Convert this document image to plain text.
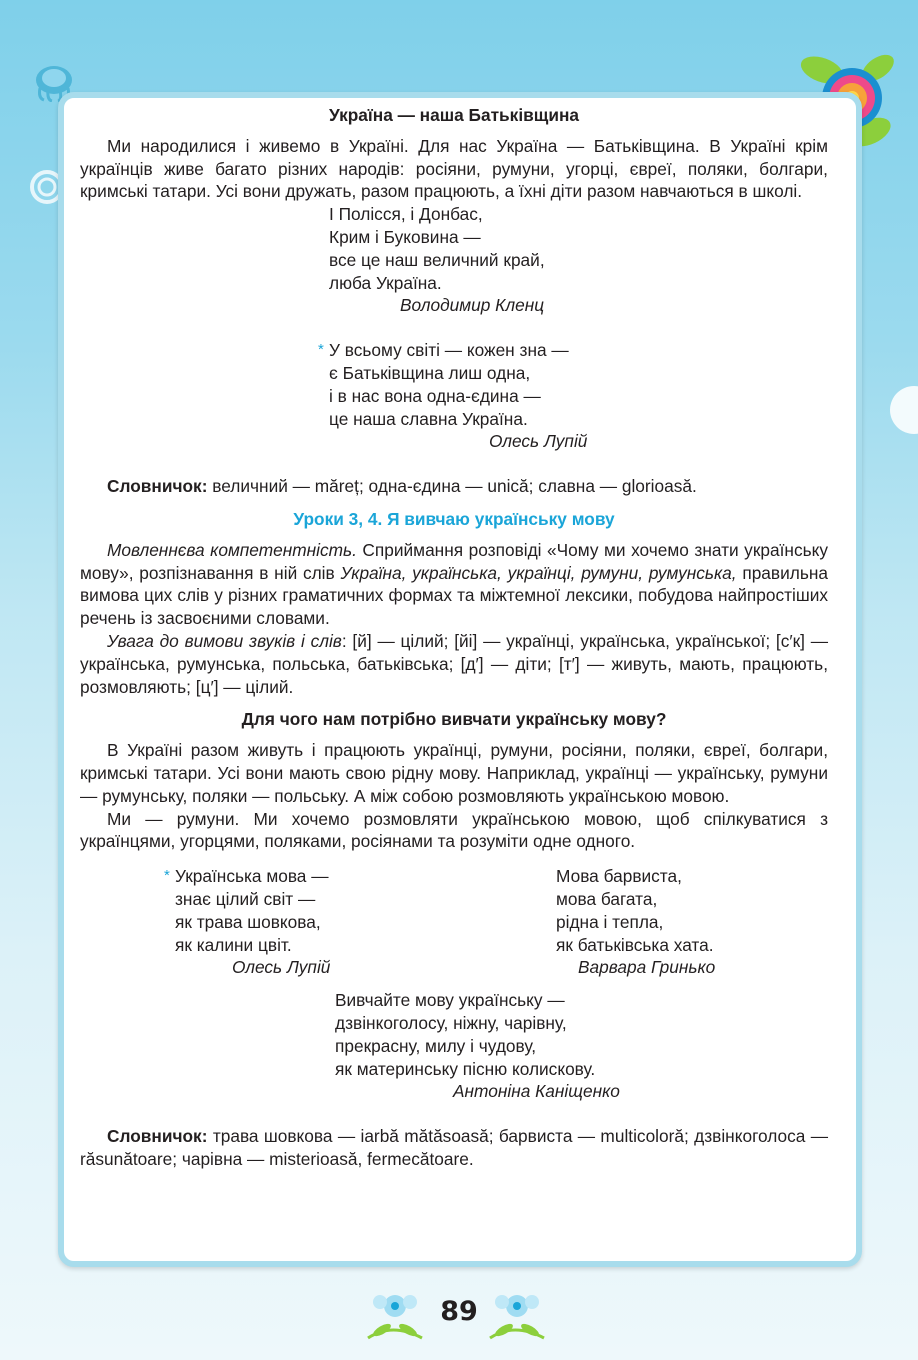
Україна — наша Батьківщина

Ми народилися і живемо в Україні. Для нас Україна — Батьківщина. В Україні крім українців живе багато різних народів: росіяни, румуни, угорці, євреї, поляки, болгари, кримські татари. Усі вони дружать, разом працюють, а їхні діти разом навчаються в школі.

І Полісся, і Донбас,
Крим і Буковина —
все це наш величний край,
люба Україна.
Володимир Кленц
* У всьому світі — кожен зна —
є Батьківщина лиш одна,
і в нас вона одна-єдина —
це наша славна Україна.
Олесь Лупій

Словничок: величний — măreț; одна-єдина — unică; славна — glorioasă.

Уроки 3, 4. Я вивчаю українську мову

Мовленнєва компетентність. Сприймання розповіді «Чому ми хочемо знати українську мову», розпізнавання в ній слів Україна, українська, українці, румуни, румунська, правильна вимова цих слів у різних граматичних формах та міжтемної лексики, побудова найпростіших речень із засвоєними словами.

Увага до вимови звуків і слів: [й] — цілий; [йі] — українці, українська, української; [с′к] — українська, румунська, польська, батьківська; [д′] — діти; [т′] — живуть, мають, працюють, розмовляють; [ц′] — цілий.

Для чого нам потрібно вивчати українську мову?

В Україні разом живуть і працюють українці, румуни, росіяни, поляки, євреї, болгари, кримські татари. Усі вони мають свою рідну мову. Наприклад, українці — українську, румуни — румунську, поляки — польську. А між собою розмовляють українською мовою.

Ми — румуни. Ми хочемо розмовляти українською мовою, щоб спілкуватися з українцями, угорцями, поляками, росіянами та розуміти одне одного.

* Українська мова —
знає цілий світ —
як трава шовкова,
як калини цвіт.
Олесь Лупій
Мова барвиста,
мова багата,
рідна і тепла,
як батьківська хата.
Варвара Гринько
Вивчайте мову українську —
дзвінкоголосу, ніжну, чарівну,
прекрасну, милу і чудову,
як материнську пісню колискову.
Антоніна Каніщенко

Словничок: трава шовкова — iarbă mătăsoasă; барвиста — multicoloră; дзвінкоголоса — răsunătoare; чарівна — misterioasă, fermecătoare.

89
